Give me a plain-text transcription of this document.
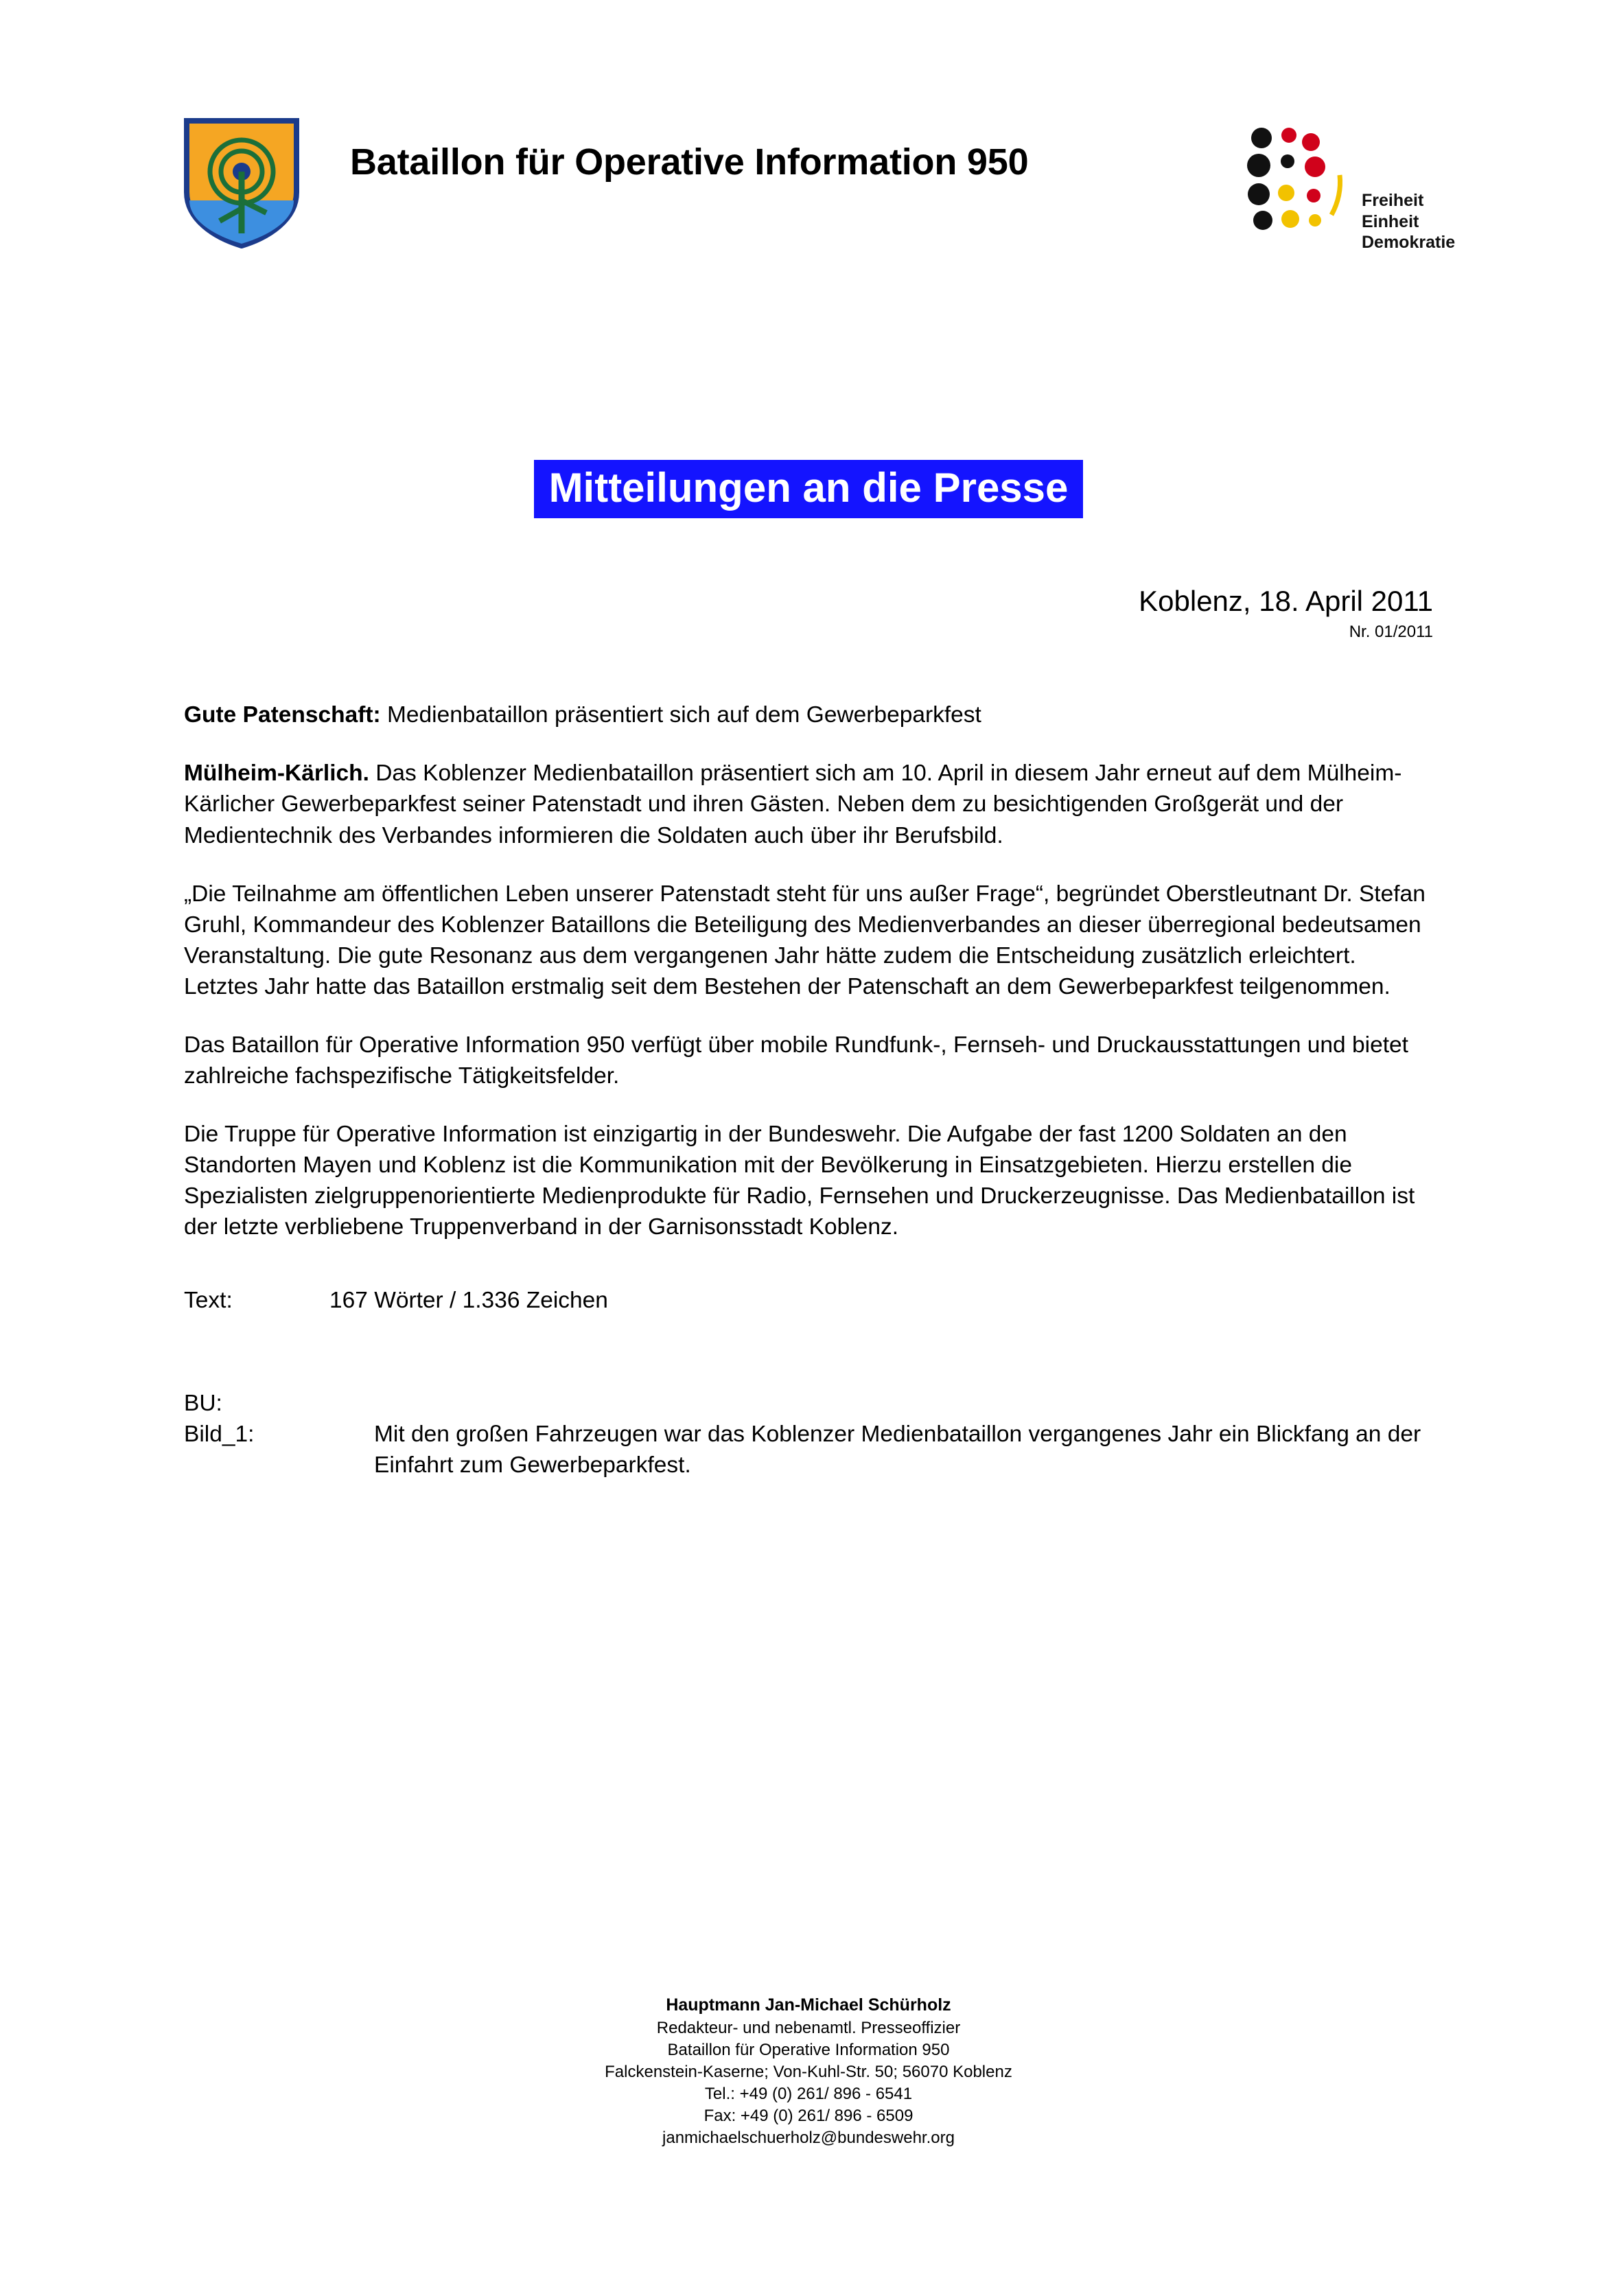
Bataillon für Operative Information 950
Freiheit
Einheit
Demokratie
Mitteilungen an die Presse
Koblenz, 18. April 2011
Nr. 01/2011

Gute Patenschaft: Medienbataillon präsentiert sich auf dem Gewerbeparkfest

Mülheim-Kärlich. Das Koblenzer Medienbataillon präsentiert sich am 10. April in diesem Jahr erneut auf dem Mülheim-Kärlicher Gewerbeparkfest seiner Patenstadt und ihren Gästen. Neben dem zu besichtigenden Großgerät und der Medientechnik des Verbandes informieren die Soldaten auch über ihr Berufsbild.

„Die Teilnahme am öffentlichen Leben unserer Patenstadt steht für uns außer Frage“, begründet Oberstleutnant Dr. Stefan Gruhl, Kommandeur des Koblenzer Bataillons die Beteiligung des Medienverbandes an dieser überregional bedeutsamen Veranstaltung. Die gute Resonanz aus dem vergangenen Jahr hätte zudem die Entscheidung zusätzlich erleichtert. Letztes Jahr hatte das Bataillon erstmalig seit dem Bestehen der Patenschaft an dem Gewerbeparkfest teilgenommen.

Das Bataillon für Operative Information 950 verfügt über mobile Rundfunk-, Fernseh- und Druckausstattungen und bietet zahlreiche fachspezifische Tätigkeitsfelder.

Die Truppe für Operative Information ist einzigartig in der Bundeswehr. Die Aufgabe der fast 1200 Soldaten an den Standorten Mayen und Koblenz ist die Kommunikation mit der Bevölkerung in Einsatzgebieten. Hierzu erstellen die Spezialisten zielgruppenorientierte Medienprodukte für Radio, Fernsehen und Druckerzeugnisse. Das Medienbataillon ist der letzte verbliebene Truppenverband in der Garnisonsstadt Koblenz.

Text:	167 Wörter / 1.336 Zeichen
BU:
Bild_1:	Mit den großen Fahrzeugen war das Koblenzer Medienbataillon vergangenes Jahr ein Blickfang an der Einfahrt zum Gewerbeparkfest.
Hauptmann Jan-Michael Schürholz
Redakteur- und nebenamtl. Presseoffizier
Bataillon für Operative Information 950
Falckenstein-Kaserne; Von-Kuhl-Str. 50; 56070 Koblenz
Tel.: +49 (0) 261/ 896 - 6541
Fax: +49 (0) 261/ 896 - 6509
janmichaelschuerholz@bundeswehr.org
